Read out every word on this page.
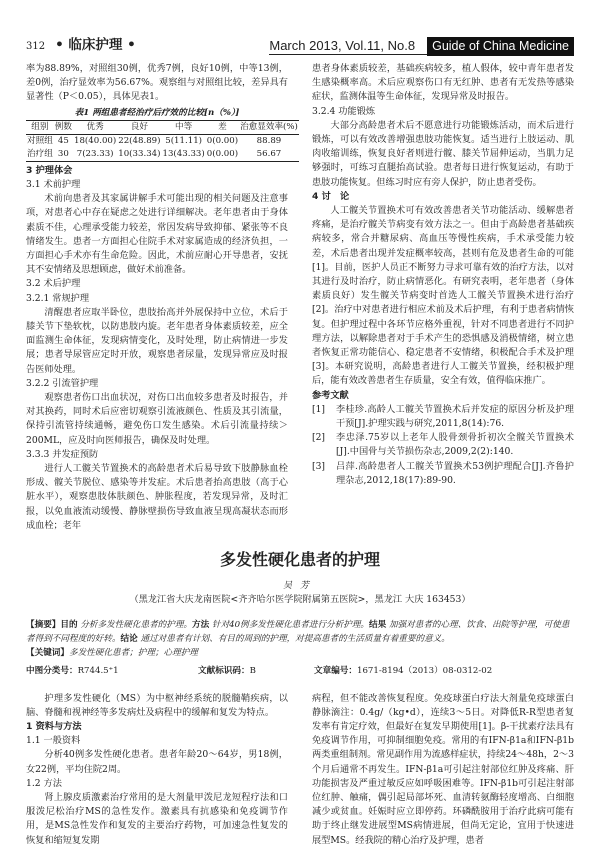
312 • 临床护理 •	March 2013, Vol.11, No.8	Guide of China Medicine

率为88.89%，对照组30例，优秀7例，良好10例，中等13例，差0例，治疗显效率为56.67%。观察组与对照组比较，差异具有显著性（P＜0.05），具体见表1。

表1 两组患者经治疗后疗效的比较[n（%）]
组别	例数	优秀	良好	中等	差	治愈显效率(%)
对照组	45	18(40.00)	22(48.89)	5(11.11)	0(0.00)	88.89
治疗组	30	7(23.33)	10(33.34)	13(43.33)	0(0.00)	56.67
3 护理体会
3.1 术前护理

术前向患者及其家属讲解手术可能出现的相关问题及注意事项，对患者心中存在疑虑之处进行详细解决。老年患者由于身体素质不佳，心理承受能力较差，常因发病导致抑郁、紧张等不良情绪发生。患者一方面担心住院手术对家属造成的经济负担，一方面担心手术亦有生命危险。因此，术前应耐心开导患者，安抚其不安情绪及思想顾虑，做好术前准备。

3.2 术后护理
3.2.1 常规护理

清醒患者应取半卧位，患肢抬高并外展保持中立位，术后于膝关节下垫软枕，以防患肢内旋。老年患者身体素质较差，应全面监测生命体征，发现病情变化，及时处理，防止病情进一步发展；患者导尿管应定时开放，观察患者尿量，发现异常应及时报告医师处理。

3.2.2 引流管护理

观察患者伤口出血状况，对伤口出血较多患者及时报告，并对其换药，同时术后应密切观察引流液颜色、性质及其引流量，保持引流管持续通畅，避免伤口发生感染。术后引流量持续＞200ML，应及时向医师报告，确保及时处理。

3.3.3 并发症预防

进行人工髋关节置换术的高龄患者术后易导致下肢静脉血栓形成、髋关节脱位、感染等并发症。术后患者抬高患肢（高于心脏水平），观察患肢体肤颜色、肿胀程度，若发现异常，及时汇报，以免血液流动缓慢、静脉壁损伤导致血液呈现高凝状态而形成血栓；老年

患者身体素质较差，基础疾病较多，植人假体，较中青年患者发生感染概率高。术后应观察伤口有无红肿、患者有无发热等感染症状，监测体温等生命体征，发现异常及时报告。

3.2.4 功能锻炼

大部分高龄患者术后不愿意进行功能锻炼活动，而术后进行锻炼，可以有效改善增强患肢功能恢复。适当进行上肢运动、肌肉收缩训练，恢复良好者则进行髋、膝关节屈伸运动，当肌力足够强时，可练习直腿抬高试验。患者每日进行恢复运动，有助于患肢功能恢复。但练习时应有旁人保护，防止患者受伤。

4 讨　论

人工髋关节置换术可有效改善患者关节功能活动、缓解患者疼痛，是治疗髋关节病变有效方法之一。但由于高龄患者基础疾病较多，常合并糖尿病、高血压等慢性疾病，手术承受能力较差，术后患者出现并发症概率较高，甚则有危及患者生命的可能[1]。目前，医护人员正不断努力寻求可靠有效的治疗方法，以对其进行及时治疗，防止病情恶化。有研究表明，老年患者（身体素质良好）发生髋关节病变时首选人工髋关节置换术进行治疗[2]。治疗中对患者进行相应术前及术后护理，有利于患者病情恢复。但护理过程中各环节应格外重视，针对不同患者进行不同护理方法，以解除患者对于手术产生的恐惧感及消极情绪，树立患者恢复正常功能信心、稳定患者不安情绪，积极配合手术及护理[3]。本研究说明，高龄患者进行人工髋关节置换，经积极护理后，能有效改善患者生存质量，安全有效，值得临床推广。

参考文献
[1]	李桂珍.高龄人工髋关节置换术后并发症的原因分析及护理干预[J].护理实践与研究,2011,8(14):76.
[2]	李忠泽.75岁以上老年人股骨颈骨折初次全髋关节置换术[J].中国骨与关节损伤杂志,2009,2(2):140.
[3]	吕萍.高龄患者人工髋关节置换术53例护理配合[J].齐鲁护理杂志,2012,18(17):89-90.
多发性硬化患者的护理
吴芳
（黑龙江省大庆龙南医院<齐齐哈尔医学院附属第五医院>，黑龙江 大庆 163453）
【摘要】目的 分析多发性硬化患者的护理。方法 针对40例多发性硬化患者进行分析护理。结果 加强对患者的心理、饮食、出院等护理，可使患者得到不同程度的好转。结论 通过对患者有计划、有目的周到的护理，对提高患者的生活质量有着重要的意义。
【关键词】多发性硬化患者；护理；心理护理
中图分类号：R744.5⁺1	文献标识码：B	文章编号：1671-8194（2013）08-0312-02

护理多发性硬化（MS）为中枢神经系统的脱髓鞘疾病，以脑、脊髓和视神经等多发病灶及病程中的缓解和复发为特点。

1 资料与方法
1.1 一般资料

分析40例多发性硬化患者。患者年龄20～64岁，男18例，女22例，平均住院2周。

1.2 方法

肾上腺皮质激素治疗常用的是大剂量甲泼尼龙短程疗法和口服泼尼松治疗MS的急性发作。激素具有抗感染和免疫调节作用，是MS急性发作和复发的主要治疗药物，可加速急性复发的恢复和缩短复发期

病程，但不能改善恢复程度。免疫球蛋白疗法大剂量免疫球蛋白静脉滴注：0.4g/（kg•d），连续3～5日。对降低R-R型患者复发率有肯定疗效，但最好在复发早期使用[1]。β-干扰素疗法具有免疫调节作用，可抑制细胞免疫。常用的有IFN-β1a和IFN-β1b两类重组制剂。常见副作用为流感样症状，持续24～48h，2～3个月后通常不再发生。IFN-β1a可引起注射部位红肿及疼痛、肝功能损害及严重过敏反应如呼吸困难等。IFN-β1b可引起注射部位红肿、触痛，偶引起局部坏死、血清转氨酶轻度增高、白细胞减少或贫血。妊娠时应立即停药。环磷酰胺用于治疗此病可能有助于终止继发进展型MS病情进展，但尚无定论，宜用于快速进展型MS。经我院的精心治疗及护理，患者
